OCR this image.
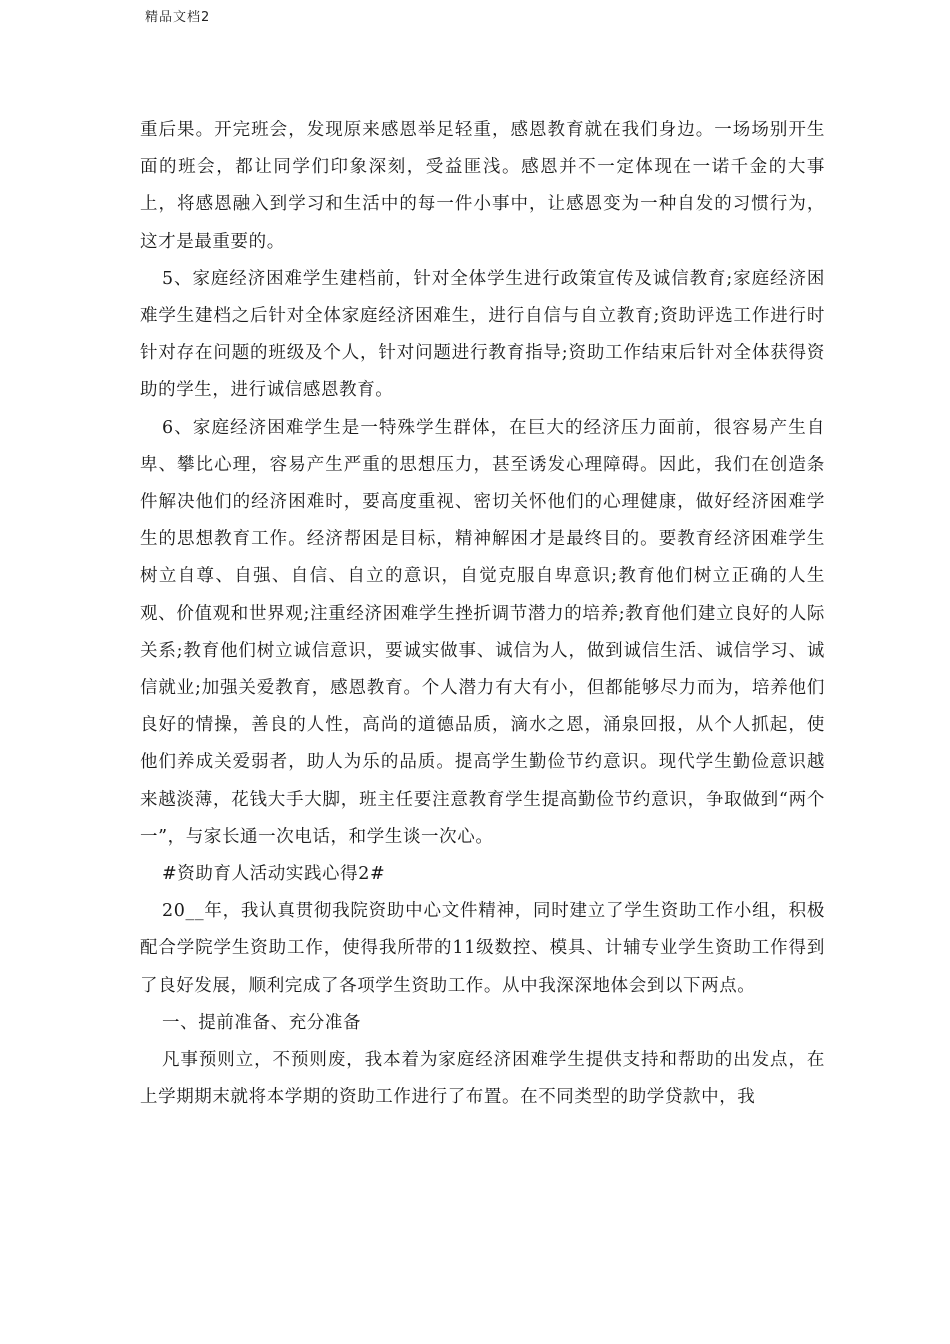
精品文档2

重后果。开完班会，发现原来感恩举足轻重，感恩教育就在我们身边。一场场别开生面的班会，都让同学们印象深刻，受益匪浅。感恩并不一定体现在一诺千金的大事上，将感恩融入到学习和生活中的每一件小事中，让感恩变为一种自发的习惯行为，这才是最重要的。

5、家庭经济困难学生建档前，针对全体学生进行政策宣传及诚信教育;家庭经济困难学生建档之后针对全体家庭经济困难生，进行自信与自立教育;资助评选工作进行时针对存在问题的班级及个人，针对问题进行教育指导;资助工作结束后针对全体获得资助的学生，进行诚信感恩教育。

6、家庭经济困难学生是一特殊学生群体，在巨大的经济压力面前，很容易产生自卑、攀比心理，容易产生严重的思想压力，甚至诱发心理障碍。因此，我们在创造条件解决他们的经济困难时，要高度重视、密切关怀他们的心理健康，做好经济困难学生的思想教育工作。经济帮困是目标，精神解困才是最终目的。要教育经济困难学生树立自尊、自强、自信、自立的意识，自觉克服自卑意识;教育他们树立正确的人生观、价值观和世界观;注重经济困难学生挫折调节潜力的培养;教育他们建立良好的人际关系;教育他们树立诚信意识，要诚实做事、诚信为人，做到诚信生活、诚信学习、诚信就业;加强关爱教育，感恩教育。个人潜力有大有小，但都能够尽力而为，培养他们良好的情操，善良的人性，高尚的道德品质，滴水之恩，涌泉回报，从个人抓起，使他们养成关爱弱者，助人为乐的品质。提高学生勤俭节约意识。现代学生勤俭意识越来越淡薄，花钱大手大脚，班主任要注意教育学生提高勤俭节约意识，争取做到“两个一”，与家长通一次电话，和学生谈一次心。

#资助育人活动实践心得2#

20__年，我认真贯彻我院资助中心文件精神，同时建立了学生资助工作小组，积极配合学院学生资助工作，使得我所带的11级数控、模具、计辅专业学生资助工作得到了良好发展，顺利完成了各项学生资助工作。从中我深深地体会到以下两点。

一、提前准备、充分准备

凡事预则立，不预则废，我本着为家庭经济困难学生提供支持和帮助的出发点，在上学期期末就将本学期的资助工作进行了布置。在不同类型的助学贷款中，我
